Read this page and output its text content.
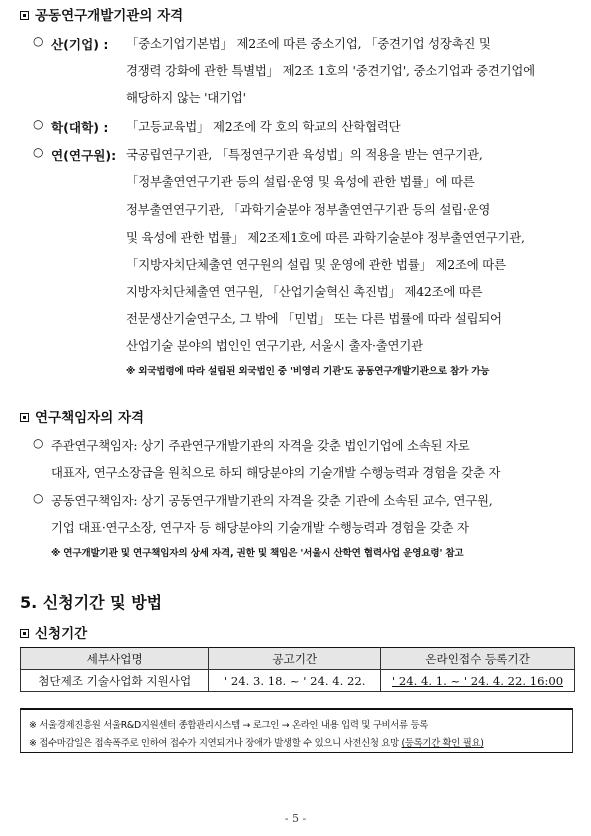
공동연구개발기관의 자격
○ 산(기업) : 「중소기업기본법」 제2조에 따른 중소기업, 「중견기업 성장촉진 및
경쟁력 강화에 관한 특별법」 제2조 1호의 '중견기업', 중소기업과 중견기업에
해당하지 않는 '대기업'
○ 학(대학) : 「고등교육법」 제2조에 각 호의 학교의 산학협력단
○ 연(연구원): 국공립연구기관, 「특정연구기관 육성법」의 적용을 받는 연구기관,
「정부출연연구기관 등의 설립·운영 및 육성에 관한 법률」에 따른
정부출연연구기관, 「과학기술분야 정부출연연구기관 등의 설립·운영
및 육성에 관한 법률」 제2조제1호에 따른 과학기술분야 정부출연연구기관,
「지방자치단체출연 연구원의 설립 및 운영에 관한 법률」 제2조에 따른
지방자치단체출연 연구원, 「산업기술혁신 촉진법」 제42조에 따른
전문생산기술연구소, 그 밖에 「민법」 또는 다른 법률에 따라 설립되어
산업기술 분야의 법인인 연구기관, 서울시 출자·출연기관
※ 외국법령에 따라 설립된 외국법인 중 '비영리 기관'도 공동연구개발기관으로 참가 가능
연구책임자의 자격
○ 주관연구책임자: 상기 주관연구개발기관의 자격을 갖춘 법인기업에 소속된 자로
대표자, 연구소장급을 원칙으로 하되 해당분야의 기술개발 수행능력과 경험을 갖춘 자
○ 공동연구책임자: 상기 공동연구개발기관의 자격을 갖춘 기관에 소속된 교수, 연구원,
기업 대표·연구소장, 연구자 등 해당분야의 기술개발 수행능력과 경험을 갖춘 자
※ 연구개발기관 및 연구책임자의 상세 자격, 권한 및 책임은 '서울시 산학연 협력사업 운영요령' 참고
5. 신청기간 및 방법
신청기간
세부사업명	공고기간	온라인접수 등록기간
첨단제조 기술사업화 지원사업	' 24. 3. 18. ~ ' 24. 4. 22.	' 24. 4. 1. ~ ' 24. 4. 22. 16:00
※ 서울경제진흥원 서울R&D지원센터 종합관리시스템 → 로그인 → 온라인 내용 입력 및 구비서류 등록
※ 접수마감일은 접속폭주로 인하여 접수가 지연되거나 장애가 발생할 수 있으니 사전신청 요망 (등록기간 확인 필요)
- 5 -
